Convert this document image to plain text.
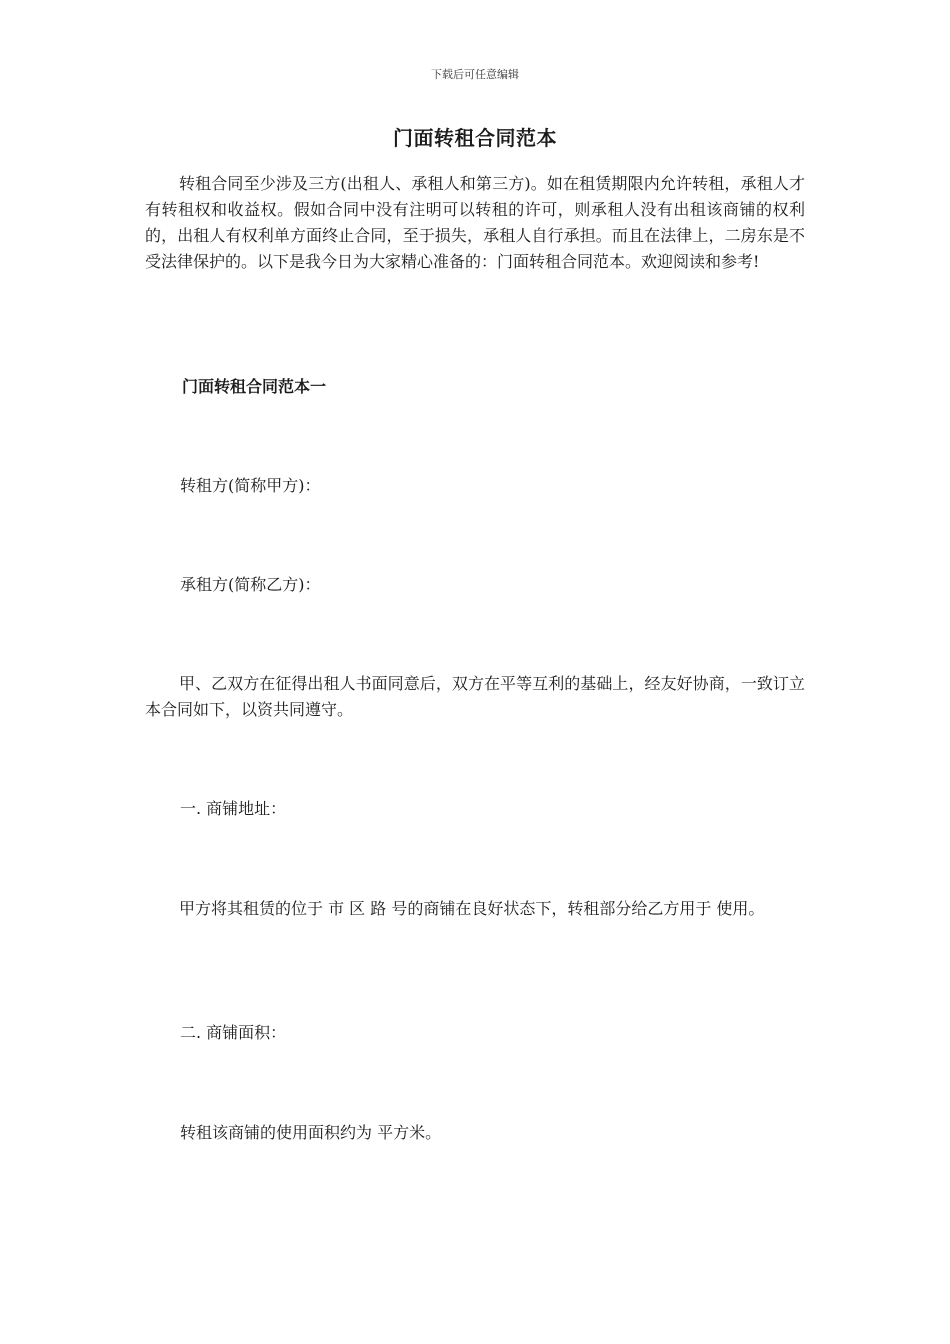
下载后可任意编辑
门面转租合同范本
转租合同至少涉及三方(出租人、承租人和第三方)。如在租赁期限内允许转租，承租人才有转租权和收益权。假如合同中没有注明可以转租的许可，则承租人没有出租该商铺的权利的，出租人有权利单方面终止合同，至于损失，承租人自行承担。而且在法律上，二房东是不受法律保护的。以下是我今日为大家精心准备的：门面转租合同范本。欢迎阅读和参考!
门面转租合同范本一
转租方(简称甲方)：
承租方(简称乙方)：
甲、乙双方在征得出租人书面同意后，双方在平等互利的基础上，经友好协商，一致订立本合同如下，以资共同遵守。
一. 商铺地址：
甲方将其租赁的位于 市 区 路 号的商铺在良好状态下，转租部分给乙方用于 使用。
二. 商铺面积：
转租该商铺的使用面积约为 平方米。
